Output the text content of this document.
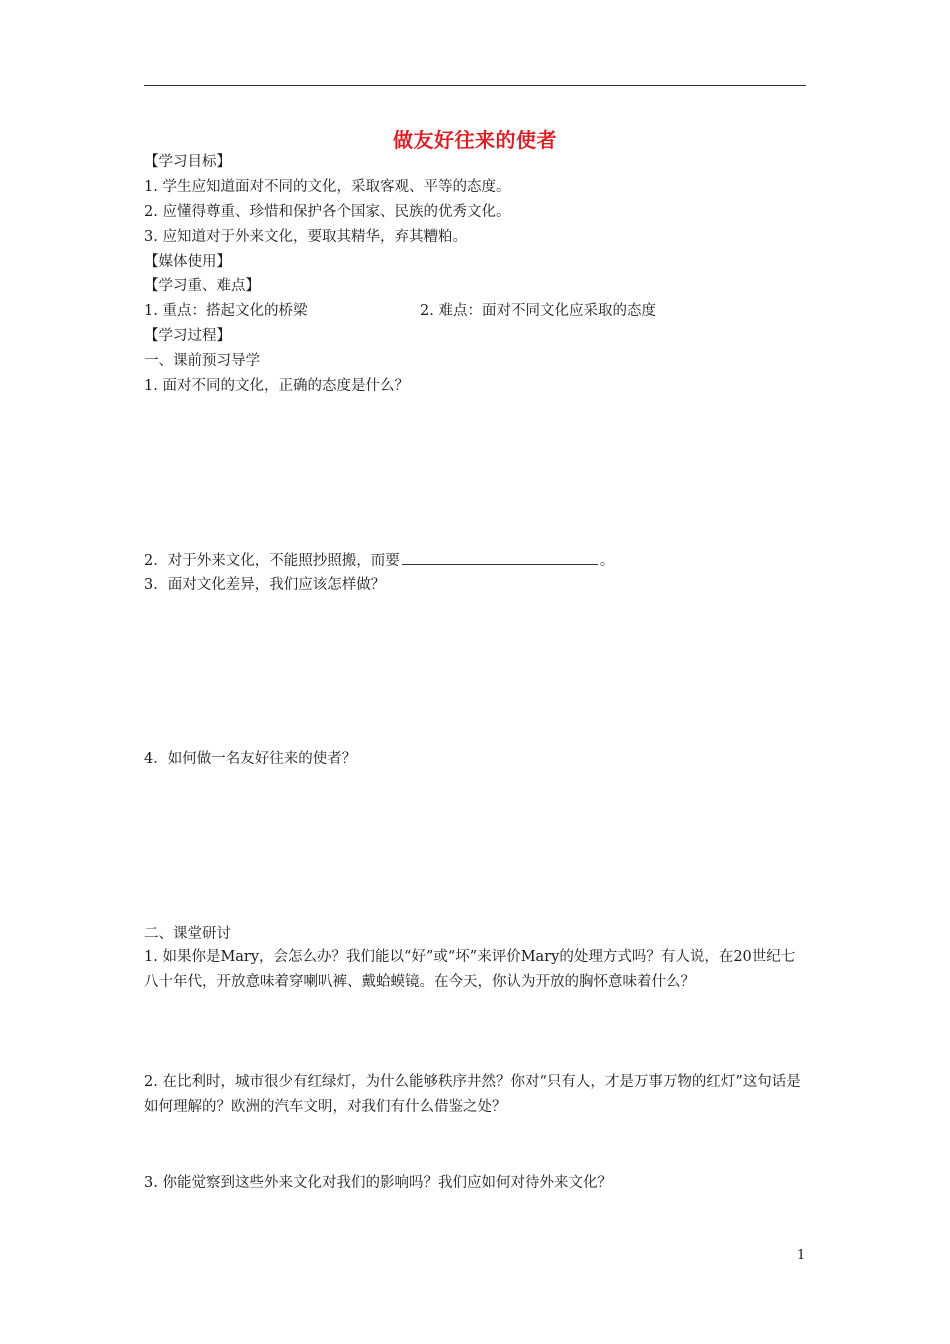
做友好往来的使者
【学习目标】
1. 学生应知道面对不同的文化，采取客观、平等的态度。
2. 应懂得尊重、珍惜和保护各个国家、民族的优秀文化。
3. 应知道对于外来文化，要取其精华，弃其糟粕。
【媒体使用】
【学习重、难点】
1. 重点：搭起文化的桥梁	2. 难点：面对不同文化应采取的态度
【学习过程】
一、课前预习导学
1. 面对不同的文化，正确的态度是什么？
2．对于外来文化，不能照抄照搬，而要	。
3．面对文化差异，我们应该怎样做？
4．如何做一名友好往来的使者？
二、课堂研讨
1. 如果你是Mary，会怎么办？我们能以“好”或“坏”来评价Mary的处理方式吗？有人说，在20世纪七八十年代，开放意味着穿喇叭裤、戴蛤蟆镜。在今天，你认为开放的胸怀意味着什么？
2. 在比利时，城市很少有红绿灯，为什么能够秩序井然？你对“只有人，才是万事万物的红灯”这句话是如何理解的？欧洲的汽车文明，对我们有什么借鉴之处？
3. 你能觉察到这些外来文化对我们的影响吗？我们应如何对待外来文化？
1
